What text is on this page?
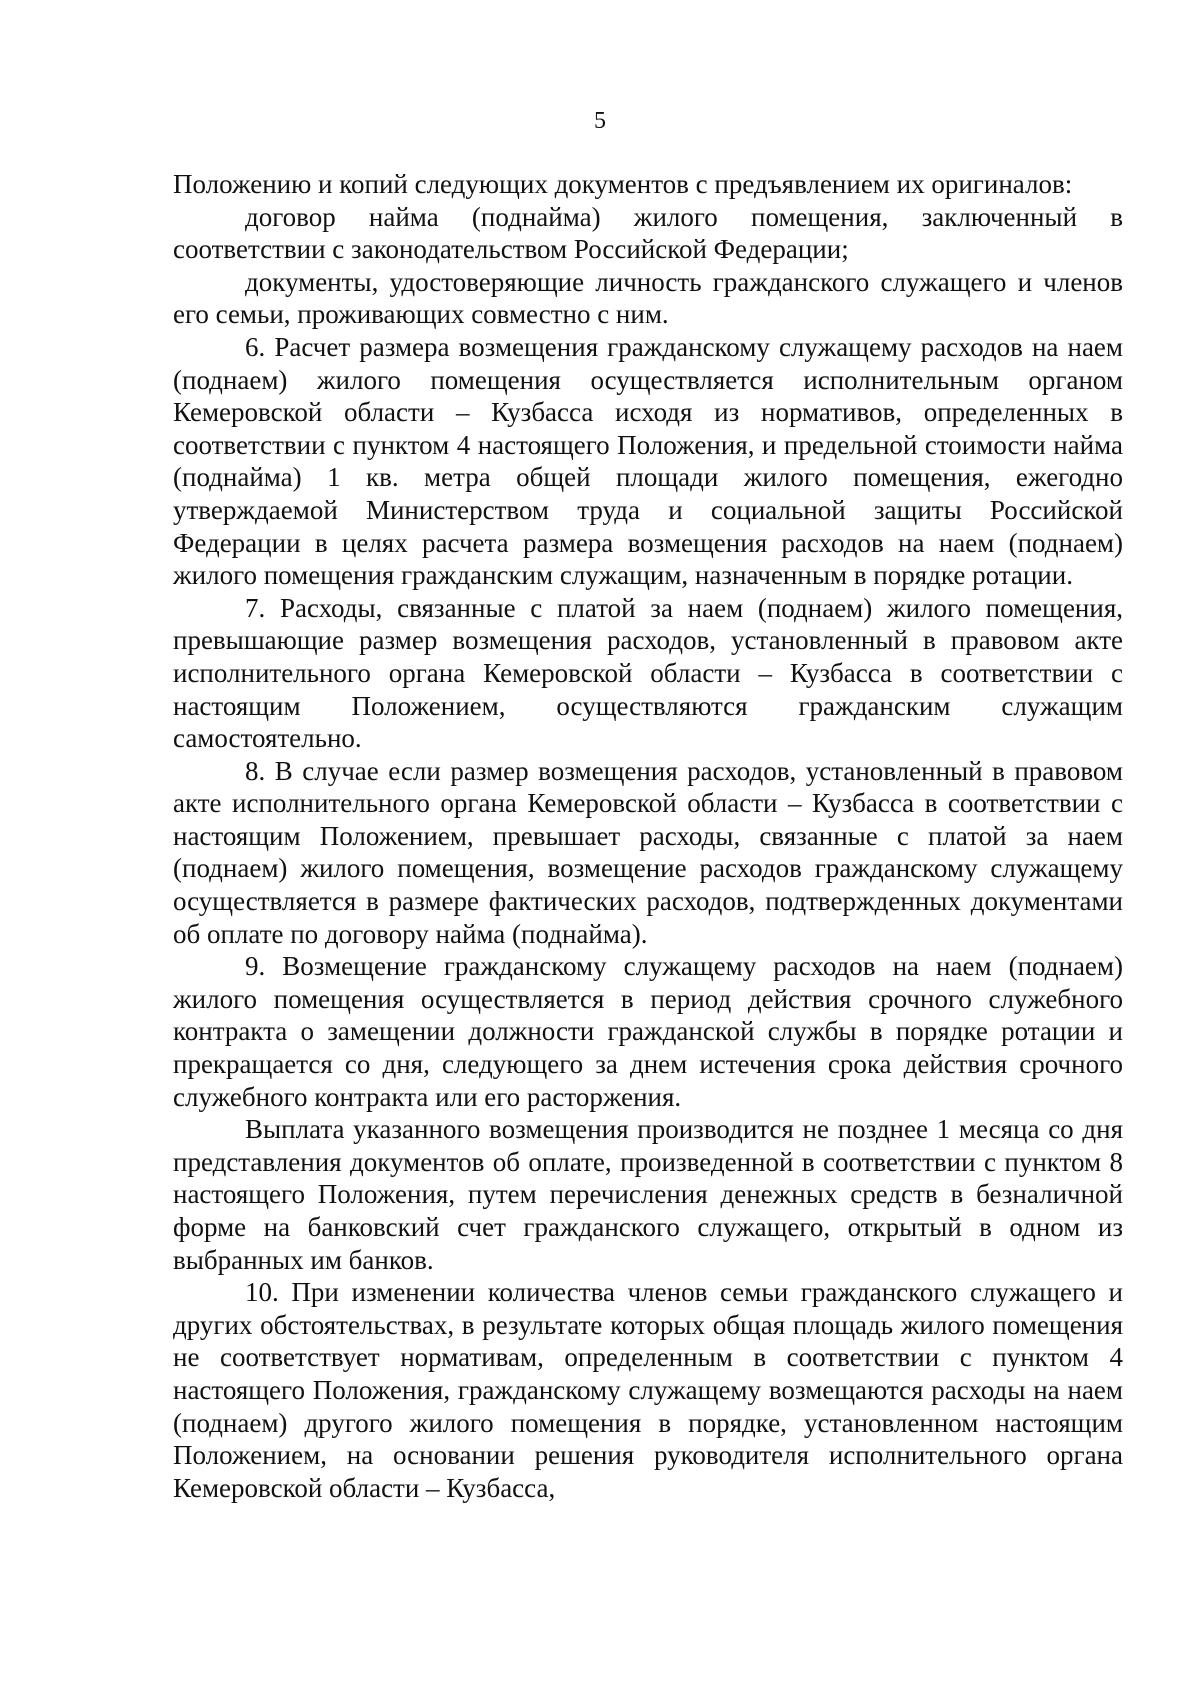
5

Положению и копий следующих документов с предъявлением их оригиналов:

договор найма (поднайма) жилого помещения, заключенный в соответствии с законодательством Российской Федерации;

документы, удостоверяющие личность гражданского служащего и членов его семьи, проживающих совместно с ним.

6. Расчет размера возмещения гражданскому служащему расходов на наем (поднаем) жилого помещения осуществляется исполнительным органом Кемеровской области – Кузбасса исходя из нормативов, определенных в соответствии с пунктом 4 настоящего Положения, и предельной стоимости найма (поднайма) 1 кв. метра общей площади жилого помещения, ежегодно утверждаемой Министерством труда и социальной защиты Российской Федерации в целях расчета размера возмещения расходов на наем (поднаем) жилого помещения гражданским служащим, назначенным в порядке ротации.

7. Расходы, связанные с платой за наем (поднаем) жилого помещения, превышающие размер возмещения расходов, установленный в правовом акте исполнительного органа Кемеровской области – Кузбасса в соответствии с настоящим Положением, осуществляются гражданским служащим самостоятельно.

8. В случае если размер возмещения расходов, установленный в правовом акте исполнительного органа Кемеровской области – Кузбасса в соответствии с настоящим Положением, превышает расходы, связанные с платой за наем (поднаем) жилого помещения, возмещение расходов гражданскому служащему осуществляется в размере фактических расходов, подтвержденных документами об оплате по договору найма (поднайма).

9. Возмещение гражданскому служащему расходов на наем (поднаем) жилого помещения осуществляется в период действия срочного служебного контракта о замещении должности гражданской службы в порядке ротации и прекращается со дня, следующего за днем истечения срока действия срочного служебного контракта или его расторжения.

Выплата указанного возмещения производится не позднее 1 месяца со дня представления документов об оплате, произведенной в соответствии с пунктом 8 настоящего Положения, путем перечисления денежных средств в безналичной форме на банковский счет гражданского служащего, открытый в одном из выбранных им банков.

10. При изменении количества членов семьи гражданского служащего и других обстоятельствах, в результате которых общая площадь жилого помещения не соответствует нормативам, определенным в соответствии с пунктом 4 настоящего Положения, гражданскому служащему возмещаются расходы на наем (поднаем) другого жилого помещения в порядке, установленном настоящим Положением, на основании решения руководителя исполнительного органа Кемеровской области – Кузбасса,
